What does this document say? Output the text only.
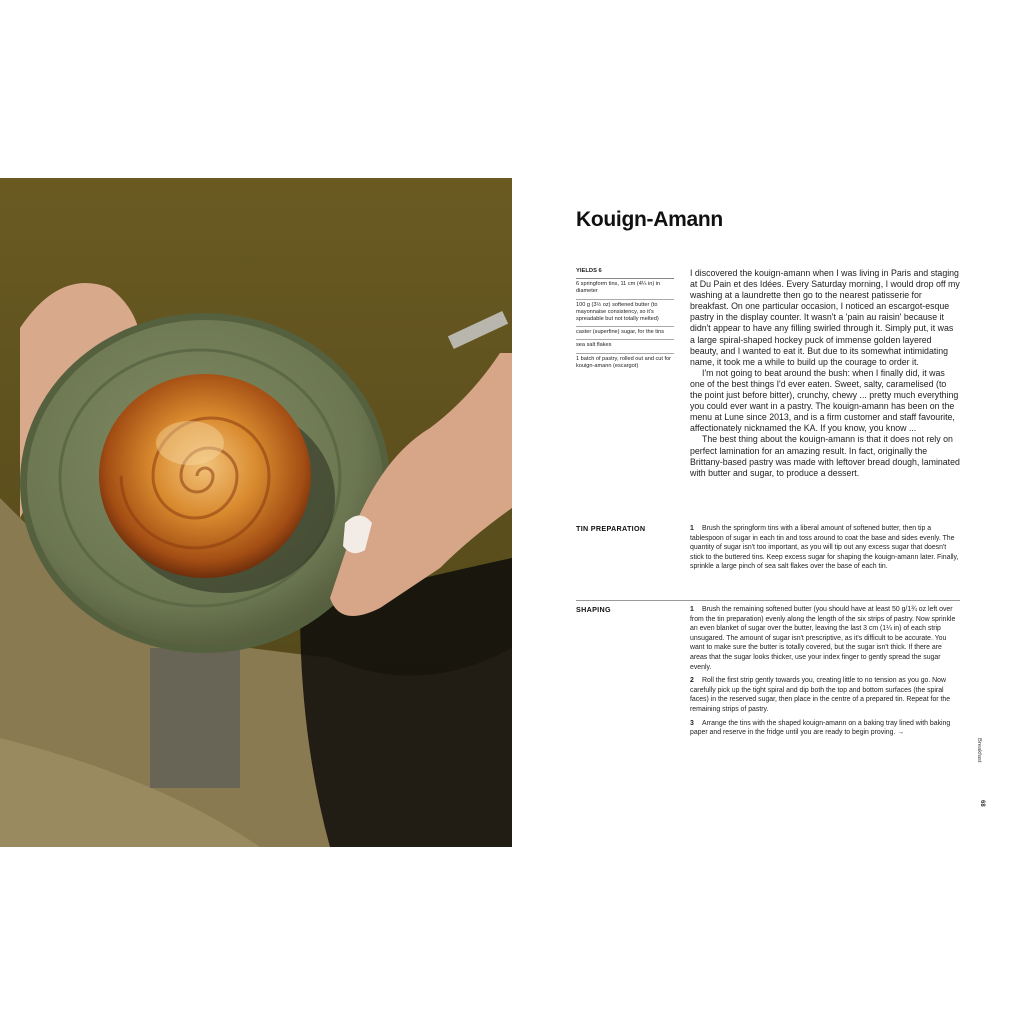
Kouign-Amann
YIELDS 6
6 springform tins, 11 cm (4¼ in) in diameter
100 g (3½ oz) softened butter (to mayonnaise consistency, so it's spreadable but not totally melted)
caster (superfine) sugar, for the tins
sea salt flakes
1 batch of pastry, rolled out and cut for kouign-amann (escargot)

I discovered the kouign-amann when I was living in Paris and staging at Du Pain et des Idées. Every Saturday morning, I would drop off my washing at a laundrette then go to the nearest patisserie for breakfast. On one particular occasion, I noticed an escargot-esque pastry in the display counter. It wasn't a 'pain au raisin' because it didn't appear to have any filling swirled through it. Simply put, it was a large spiral-shaped hockey puck of immense golden layered beauty, and I wanted to eat it. But due to its somewhat intimidating name, it took me a while to build up the courage to order it.

I'm not going to beat around the bush: when I finally did, it was one of the best things I'd ever eaten. Sweet, salty, caramelised (to the point just before bitter), crunchy, chewy ... pretty much everything you could ever want in a pastry. The kouign-amann has been on the menu at Lune since 2013, and is a firm customer and staff favourite, affectionately nicknamed the KA. If you know, you know ...

The best thing about the kouign-amann is that it does not rely on perfect lamination for an amazing result. In fact, originally the Brittany-based pastry was made with leftover bread dough, laminated with butter and sugar, to produce a dessert.

TIN PREPARATION	1 Brush the springform tins with a liberal amount of softened butter, then tip a tablespoon of sugar in each tin and toss around to coat the base and sides evenly. The quantity of sugar isn't too important, as you will tip out any excess sugar that doesn't stick to the buttered tins. Keep excess sugar for shaping the kouign-amann later. Finally, sprinkle a large pinch of sea salt flakes over the base of each tin.

SHAPING	1 Brush the remaining softened butter (you should have at least 50 g/1¾ oz left over from the tin preparation) evenly along the length of the six strips of pastry. Now sprinkle an even blanket of sugar over the butter, leaving the last 3 cm (1¼ in) of each strip unsugared. The amount of sugar isn't prescriptive, as it's difficult to be accurate. You want to make sure the butter is totally covered, but the sugar isn't thick. If there are areas that the sugar looks thicker, use your index finger to gently spread the sugar evenly.

2 Roll the first strip gently towards you, creating little to no tension as you go. Now carefully pick up the tight spiral and dip both the top and bottom surfaces (the spiral faces) in the reserved sugar, then place in the centre of a prepared tin. Repeat for the remaining strips of pastry.

3 Arrange the tins with the shaped kouign-amann on a baking tray lined with baking paper and reserve in the fridge until you are ready to begin proving. →

Breakfast
68
